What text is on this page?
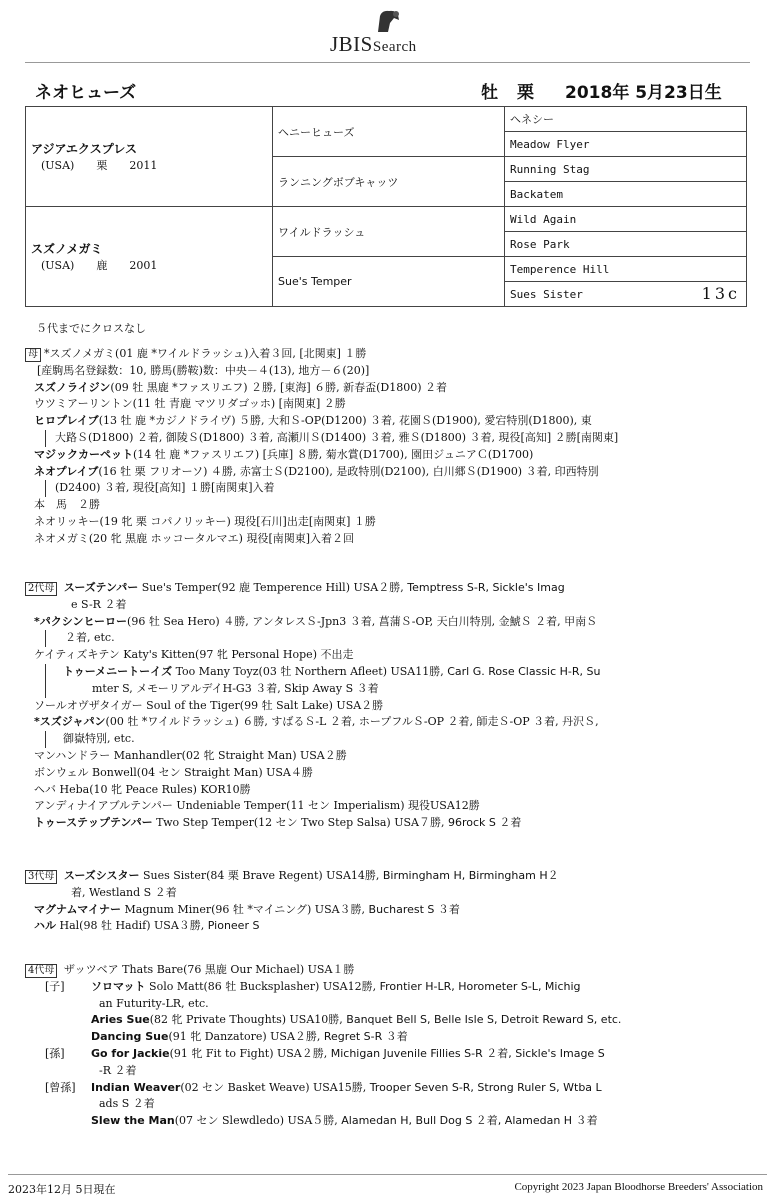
JBISSearch
ネオヒューズ	牡 栗 2018年 5月23日生
アジアエクスプレス
(USA)　　栗　　2011	ヘニーヒューズ	ヘネシー
		Meadow Flyer
	ランニングボブキャッツ	Running Stag
		Backatem

スズノメガミ
(USA)　　鹿　　2001	ワイルドラッシュ	Wild Again
		Rose Park
	Sue's Temper	Temperence Hill
		Sues Sister 13c
５代までにクロスなし
母 *スズノメガミ(01 鹿 *ワイルドラッシュ)入着３回, [北関東] １勝
[産駒馬名登録数：10, 勝馬(勝鞍)数：中央－４(13), 地方－６(20)]
スズノライジン(09 牡 黒鹿 *ファスリエフ) ２勝, [東海] ６勝, 新春盃(D1800) ２着
ウツミアーリントン(11 牡 青鹿 マツリダゴッホ) [南関東] ２勝
ヒロプレイブ(13 牡 鹿 *カジノドライヴ) ５勝, 大和Ｓ-OP(D1200) ３着, 花園Ｓ(D1900), 愛宕特別(D1800), 東
大路Ｓ(D1800) ２着, 御陵Ｓ(D1800) ３着, 高瀬川Ｓ(D1400) ３着, 雅Ｓ(D1800) ３着, 現役[高知] ２勝[南関東]
マジックカーペット(14 牡 鹿 *ファスリエフ) [兵庫] ８勝, 菊水賞(D1700), 園田ジュニアＣ(D1700)
ネオプレイブ(16 牡 栗 フリオーソ) ４勝, 赤富士Ｓ(D2100), 是政特別(D2100), 白川郷Ｓ(D1900) ３着, 印西特別
(D2400) ３着, 現役[高知] １勝[南関東]入着
本　馬　２勝
ネオリッキー(19 牝 栗 コパノリッキー) 現役[石川]出走[南関東] １勝
ネオメガミ(20 牝 黒鹿 ホッコータルマエ) 現役[南関東]入着２回
2代母 スーズテンパー Sue's Temper(92 鹿 Temperence Hill) USA２勝, Temptress S-R, Sickle's Imag
e S-R ２着
*パクシンヒーロー(96 牡 Sea Hero) ４勝, アンタレスＳ-Jpn3 ３着, 菖蒲Ｓ-OP, 天白川特別, 金鯱Ｓ ２着, 甲南Ｓ
２着, etc.
ケイティズキテン Katy's Kitten(97 牝 Personal Hope) 不出走
トゥーメニートーイズ Too Many Toyz(03 牡 Northern Afleet) USA11勝, Carl G. Rose Classic H-R, Su
mter S, メモーリアルデイH-G3 ３着, Skip Away S ３着
ソールオヴザタイガー Soul of the Tiger(99 牡 Salt Lake) USA２勝
*スズジャパン(00 牡 *ワイルドラッシュ) ６勝, すばるＳ-L ２着, ホープフルＳ-OP ２着, 師走Ｓ-OP ３着, 丹沢Ｓ,
御嶽特別, etc.
マンハンドラー Manhandler(02 牝 Straight Man) USA２勝
ボンウェル Bonwell(04 セン Straight Man) USA４勝
ヘバ Heba(10 牝 Peace Rules) KOR10勝
アンディナイアブルテンパー Undeniable Temper(11 セン Imperialism) 現役USA12勝
トゥーステップテンパー Two Step Temper(12 セン Two Step Salsa) USA７勝, 96rock S ２着
3代母 スーズシスター Sues Sister(84 栗 Brave Regent) USA14勝, Birmingham H, Birmingham H２
着, Westland S ２着
マグナムマイナー Magnum Miner(96 牡 *マイニング) USA３勝, Bucharest S ３着
ハル Hal(98 牡 Hadif) USA３勝, Pioneer S
4代母 ザッツベア Thats Bare(76 黒鹿 Our Michael) USA１勝
[子] ソロマット Solo Matt(86 牡 Bucksplasher) USA12勝, Frontier H-LR, Horometer S-L, Michig
an Futurity-LR, etc.
Aries Sue(82 牝 Private Thoughts) USA10勝, Banquet Bell S, Belle Isle S, Detroit Reward S, etc.
Dancing Sue(91 牝 Danzatore) USA２勝, Regret S-R ３着
[孫] Go for Jackie(91 牝 Fit to Fight) USA２勝, Michigan Juvenile Fillies S-R ２着, Sickle's Image S
-R ２着
[曾孫] Indian Weaver(02 セン Basket Weave) USA15勝, Trooper Seven S-R, Strong Ruler S, Wtba L
ads S ２着
Slew the Man(07 セン Slewdledo) USA５勝, Alamedan H, Bull Dog S ２着, Alamedan H ３着
2023年12月 5日現在	Copyright 2023 Japan Bloodhorse Breeders' Association
